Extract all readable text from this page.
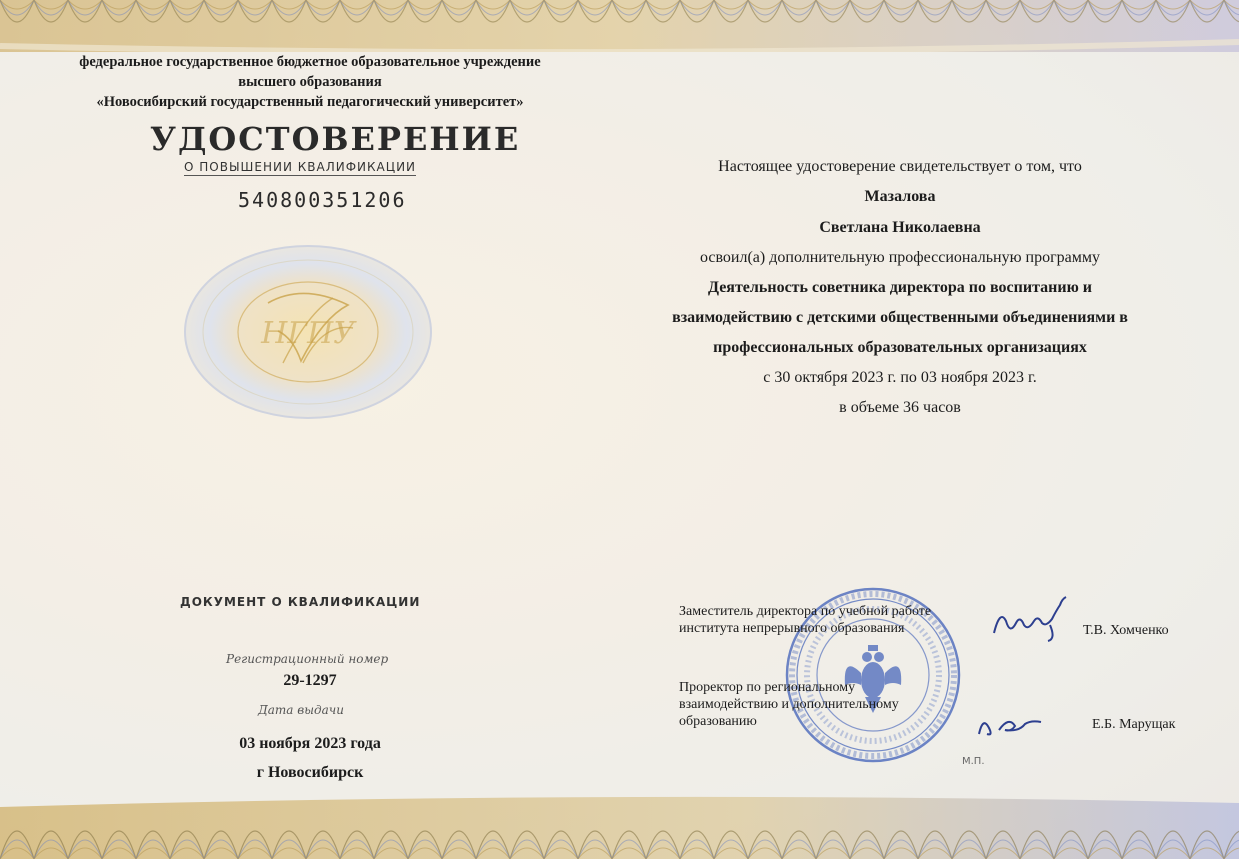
федеральное государственное бюджетное образовательное учреждение
высшего образования
«Новосибирский государственный педагогический университет»
УДОСТОВЕРЕНИЕ
О ПОВЫШЕНИИ КВАЛИФИКАЦИИ
540800351206
НГПУ
ДОКУМЕНТ О КВАЛИФИКАЦИИ
Регистрационный номер
29-1297
Дата выдачи
03 ноября 2023 года
г Новосибирск
Настоящее удостоверение свидетельствует о том, что
Мазалова
Светлана Николаевна
освоил(а) дополнительную профессиональную программу
Деятельность советника директора по воспитанию и
взаимодействию с детскими общественными объединениями в
профессиональных образовательных организациях
с 30 октября 2023 г. по 03 ноября 2023 г.
в объеме 36 часов
Заместитель директора по учебной работе
института непрерывного образования	Т.В. Хомченко
Проректор по региональному
взаимодействию и дополнительному
образованию	Е.Б. Марущак
М.П.
